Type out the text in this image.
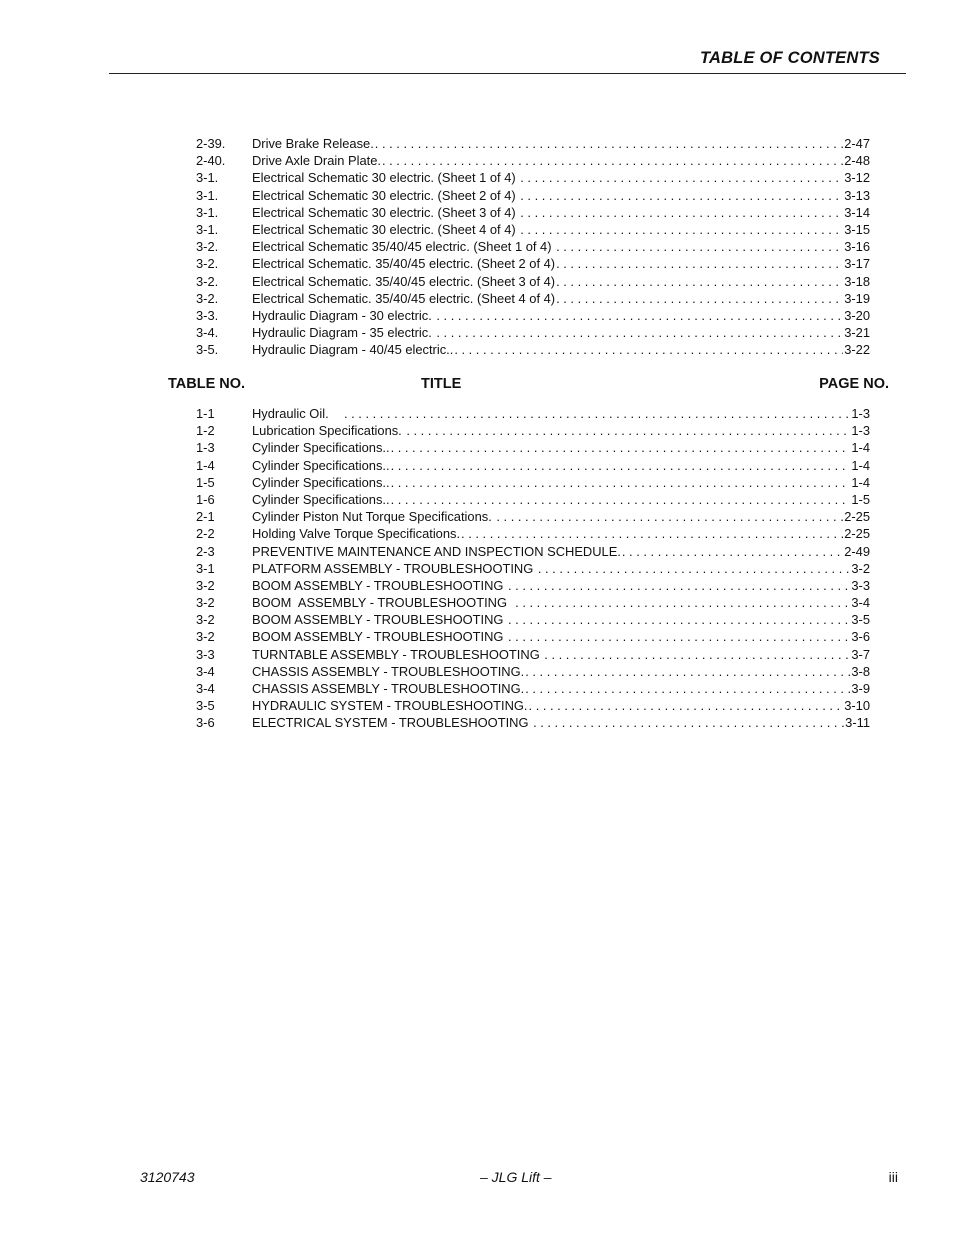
TABLE OF CONTENTS
2-39. Drive Brake Release. . . .	2-47
2-40. Drive Axle Drain Plate. . . .	2-48
3-1.	Electrical Schematic 30 electric. (Sheet 1 of 4) . . .	3-12
3-1.	Electrical Schematic 30 electric. (Sheet 2 of 4) . . .	3-13
3-1.	Electrical Schematic 30 electric. (Sheet 3 of 4) . . .	3-14
3-1.	Electrical Schematic 30 electric. (Sheet 4 of 4) . . .	3-15
3-2.	Electrical Schematic 35/40/45 electric. (Sheet 1 of 4) . . .	3-16
3-2.	Electrical Schematic. 35/40/45 electric. (Sheet 2 of 4) . . .	3-17
3-2.	Electrical Schematic. 35/40/45 electric. (Sheet 3 of 4) . . .	3-18
3-2.	Electrical Schematic. 35/40/45 electric. (Sheet 4 of 4) . . .	3-19
3-3.	Hydraulic Diagram - 30 electric. . . .	3-20
3-4.	Hydraulic Diagram - 35 electric. . . .	3-21
3-5.	Hydraulic Diagram - 40/45 electric.. . . .	3-22
TABLE NO.	TITLE	PAGE NO.
1-1	Hydraulic Oil. . . .	1-3
1-2	Lubrication Specifications. . . .	1-3
1-3	Cylinder Specifications.. . . .	1-4
1-4	Cylinder Specifications.. . . .	1-4
1-5	Cylinder Specifications.. . . .	1-4
1-6	Cylinder Specifications.. . . .	1-5
2-1	Cylinder Piston Nut Torque Specifications. . . .	2-25
2-2	Holding Valve Torque Specifications. . . .	2-25
2-3	PREVENTIVE MAINTENANCE AND INSPECTION SCHEDULE. . . .	2-49
3-1	PLATFORM ASSEMBLY - TROUBLESHOOTING . . .	3-2
3-2	BOOM ASSEMBLY - TROUBLESHOOTING . . .	3-3
3-2	BOOM  ASSEMBLY - TROUBLESHOOTING . . .	3-4
3-2	BOOM ASSEMBLY - TROUBLESHOOTING . . .	3-5
3-2	BOOM ASSEMBLY - TROUBLESHOOTING . . .	3-6
3-3	TURNTABLE ASSEMBLY - TROUBLESHOOTING . . .	3-7
3-4	CHASSIS ASSEMBLY - TROUBLESHOOTING. . . .	3-8
3-4	CHASSIS ASSEMBLY - TROUBLESHOOTING. . . .	3-9
3-5	HYDRAULIC SYSTEM - TROUBLESHOOTING. . . .	3-10
3-6	ELECTRICAL SYSTEM - TROUBLESHOOTING . . .	3-11
3120743	– JLG Lift –	iii
